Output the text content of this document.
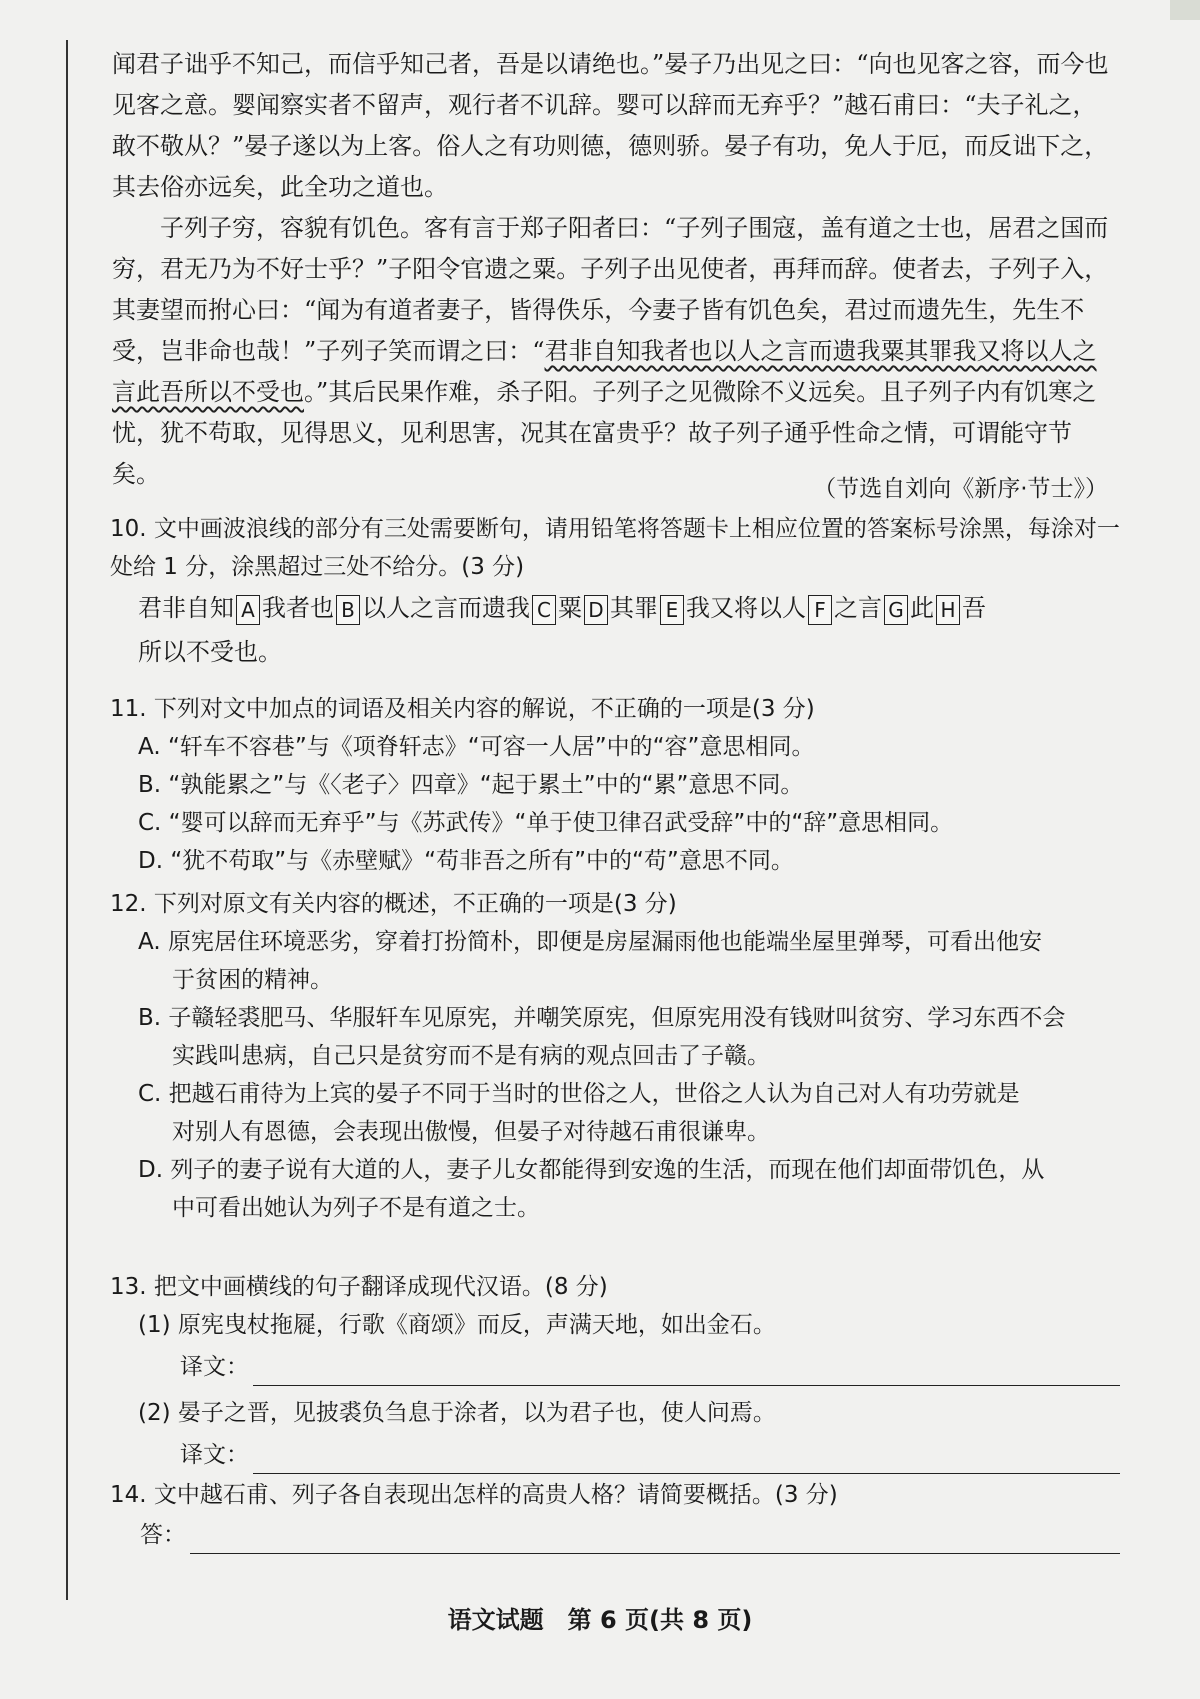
闻君子诎乎不知己，而信乎知己者，吾是以请绝也。”晏子乃出见之曰：“向也见客之容，而今也见客之意。婴闻察实者不留声，观行者不讥辞。婴可以辞而无弃乎？”越石甫曰：“夫子礼之，敢不敬从？”晏子遂以为上客。俗人之有功则德，德则骄。晏子有功，免人于厄，而反诎下之，其去俗亦远矣，此全功之道也。

子列子穷，容貌有饥色。客有言于郑子阳者曰：“子列子围寇，盖有道之士也，居君之国而穷，君无乃为不好士乎？”子阳令官遗之粟。子列子出见使者，再拜而辞。使者去，子列子入，其妻望而拊心曰：“闻为有道者妻子，皆得佚乐，今妻子皆有饥色矣，君过而遗先生，先生不受，岂非命也哉！”子列子笑而谓之曰：“君非自知我者也以人之言而遗我粟其罪我又将以人之言此吾所以不受也。”其后民果作难，杀子阳。子列子之见微除不义远矣。且子列子内有饥寒之忧，犹不苟取，见得思义，见利思害，况其在富贵乎？故子列子通乎性命之情，可谓能守节矣。

（节选自刘向《新序·节士》）

10. 文中画波浪线的部分有三处需要断句，请用铅笔将答题卡上相应位置的答案标号涂黑，每涂对一处给 1 分，涂黑超过三处不给分。(3 分)

君非自知 A 我者也 B 以人之言而遗我 C 粟 D 其罪 E 我又将以人 F 之言 G 此 H 吾
所以不受也。

11. 下列对文中加点的词语及相关内容的解说，不正确的一项是(3 分)

A. “轩车不容巷”与《项脊轩志》“可容一人居”中的“容”意思相同。

B. “孰能累之”与《〈老子〉四章》“起于累土”中的“累”意思不同。

C. “婴可以辞而无弃乎”与《苏武传》“单于使卫律召武受辞”中的“辞”意思相同。

D. “犹不苟取”与《赤壁赋》“苟非吾之所有”中的“苟”意思不同。

12. 下列对原文有关内容的概述，不正确的一项是(3 分)

A. 原宪居住环境恶劣，穿着打扮简朴，即便是房屋漏雨他也能端坐屋里弹琴，可看出他安

于贫困的精神。

B. 子赣轻裘肥马、华服轩车见原宪，并嘲笑原宪，但原宪用没有钱财叫贫穷、学习东西不会

实践叫患病，自己只是贫穷而不是有病的观点回击了子赣。

C. 把越石甫待为上宾的晏子不同于当时的世俗之人，世俗之人认为自己对人有功劳就是

对别人有恩德，会表现出傲慢，但晏子对待越石甫很谦卑。

D. 列子的妻子说有大道的人，妻子儿女都能得到安逸的生活，而现在他们却面带饥色，从

中可看出她认为列子不是有道之士。

13. 把文中画横线的句子翻译成现代汉语。(8 分)

(1) 原宪曳杖拖屣，行歌《商颂》而反，声满天地，如出金石。

译文：

(2) 晏子之晋，见披裘负刍息于涂者，以为君子也，使人问焉。

译文：

14. 文中越石甫、列子各自表现出怎样的高贵人格？请简要概括。(3 分)

答：
语文试题　第 6 页(共 8 页)
